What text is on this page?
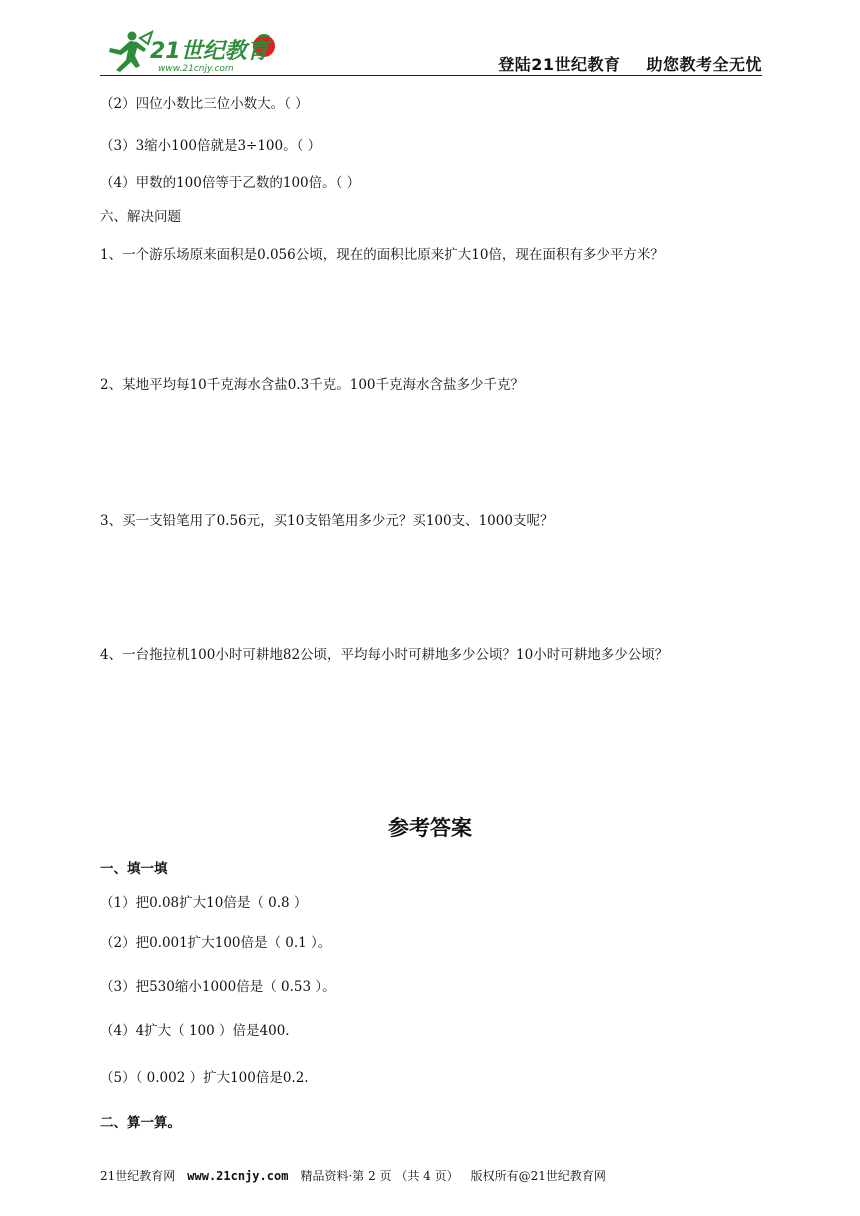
21世纪教育
www.21cnjy.com	登陆21世纪教育 助您教考全无忧
（2）四位小数比三位小数大。（ ）
（3）3缩小100倍就是3÷100。（ ）
（4）甲数的100倍等于乙数的100倍。（ ）
六、解决问题
1、一个游乐场原来面积是0.056公顷，现在的面积比原来扩大10倍，现在面积有多少平方米？
2、某地平均每10千克海水含盐0.3千克。100千克海水含盐多少千克？
3、买一支铅笔用了0.56元，买10支铅笔用多少元？买100支、1000支呢？
4、一台拖拉机100小时可耕地82公顷，平均每小时可耕地多少公顷？10小时可耕地多少公顷？
参考答案
一、填一填
（1）把0.08扩大10倍是（ 0.8 ）
（2）把0.001扩大100倍是（ 0.1 ）。
（3）把530缩小1000倍是（ 0.53 ）。
（4）4扩大（ 100 ）倍是400.
（5）（ 0.002 ）扩大100倍是0.2.
二、算一算。
21世纪教育网 www.21cnjy.com 精品资料·第 2 页 （共 4 页） 版权所有@21世纪教育网
